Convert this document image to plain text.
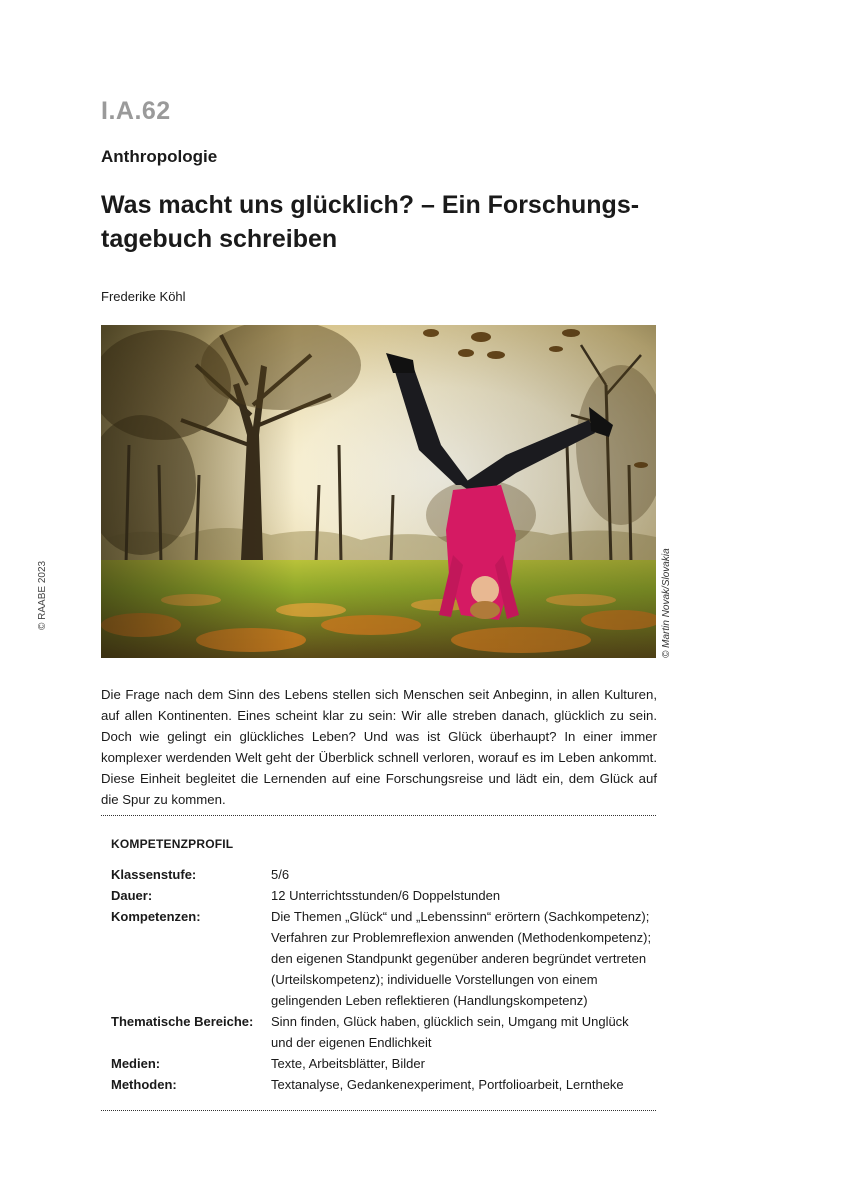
I.A.62
Anthropologie
Was macht uns glücklich? – Ein Forschungs-
tagebuch schreiben
Frederike Köhl
© Martin Novak/Slovakia
© RAABE 2023

Die Frage nach dem Sinn des Lebens stellen sich Menschen seit Anbeginn, in allen Kulturen, auf allen Kontinenten. Eines scheint klar zu sein: Wir alle streben danach, glücklich zu sein. Doch wie gelingt ein glückliches Leben? Und was ist Glück überhaupt? In einer immer komplexer werdenden Welt geht der Überblick schnell verloren, worauf es im Leben ankommt. Diese Einheit begleitet die Lernenden auf eine Forschungsreise und lädt ein, dem Glück auf die Spur zu kommen.

KOMPETENZPROFIL
Klassenstufe:	5/6
Dauer:	12 Unterrichtsstunden/6 Doppelstunden
Kompetenzen:	Die Themen „Glück“ und „Lebenssinn“ erörtern (Sachkompetenz); Verfahren zur Problemreflexion anwenden (Methodenkompetenz); den eigenen Standpunkt gegenüber anderen begründet vertreten (Urteilskompetenz); individuelle Vorstellungen von einem gelingenden Leben reflektieren (Handlungskompetenz)
Thematische Bereiche:	Sinn finden, Glück haben, glücklich sein, Umgang mit Unglück und der eigenen Endlichkeit
Medien:	Texte, Arbeitsblätter, Bilder
Methoden:	Textanalyse, Gedankenexperiment, Portfolioarbeit, Lerntheke
